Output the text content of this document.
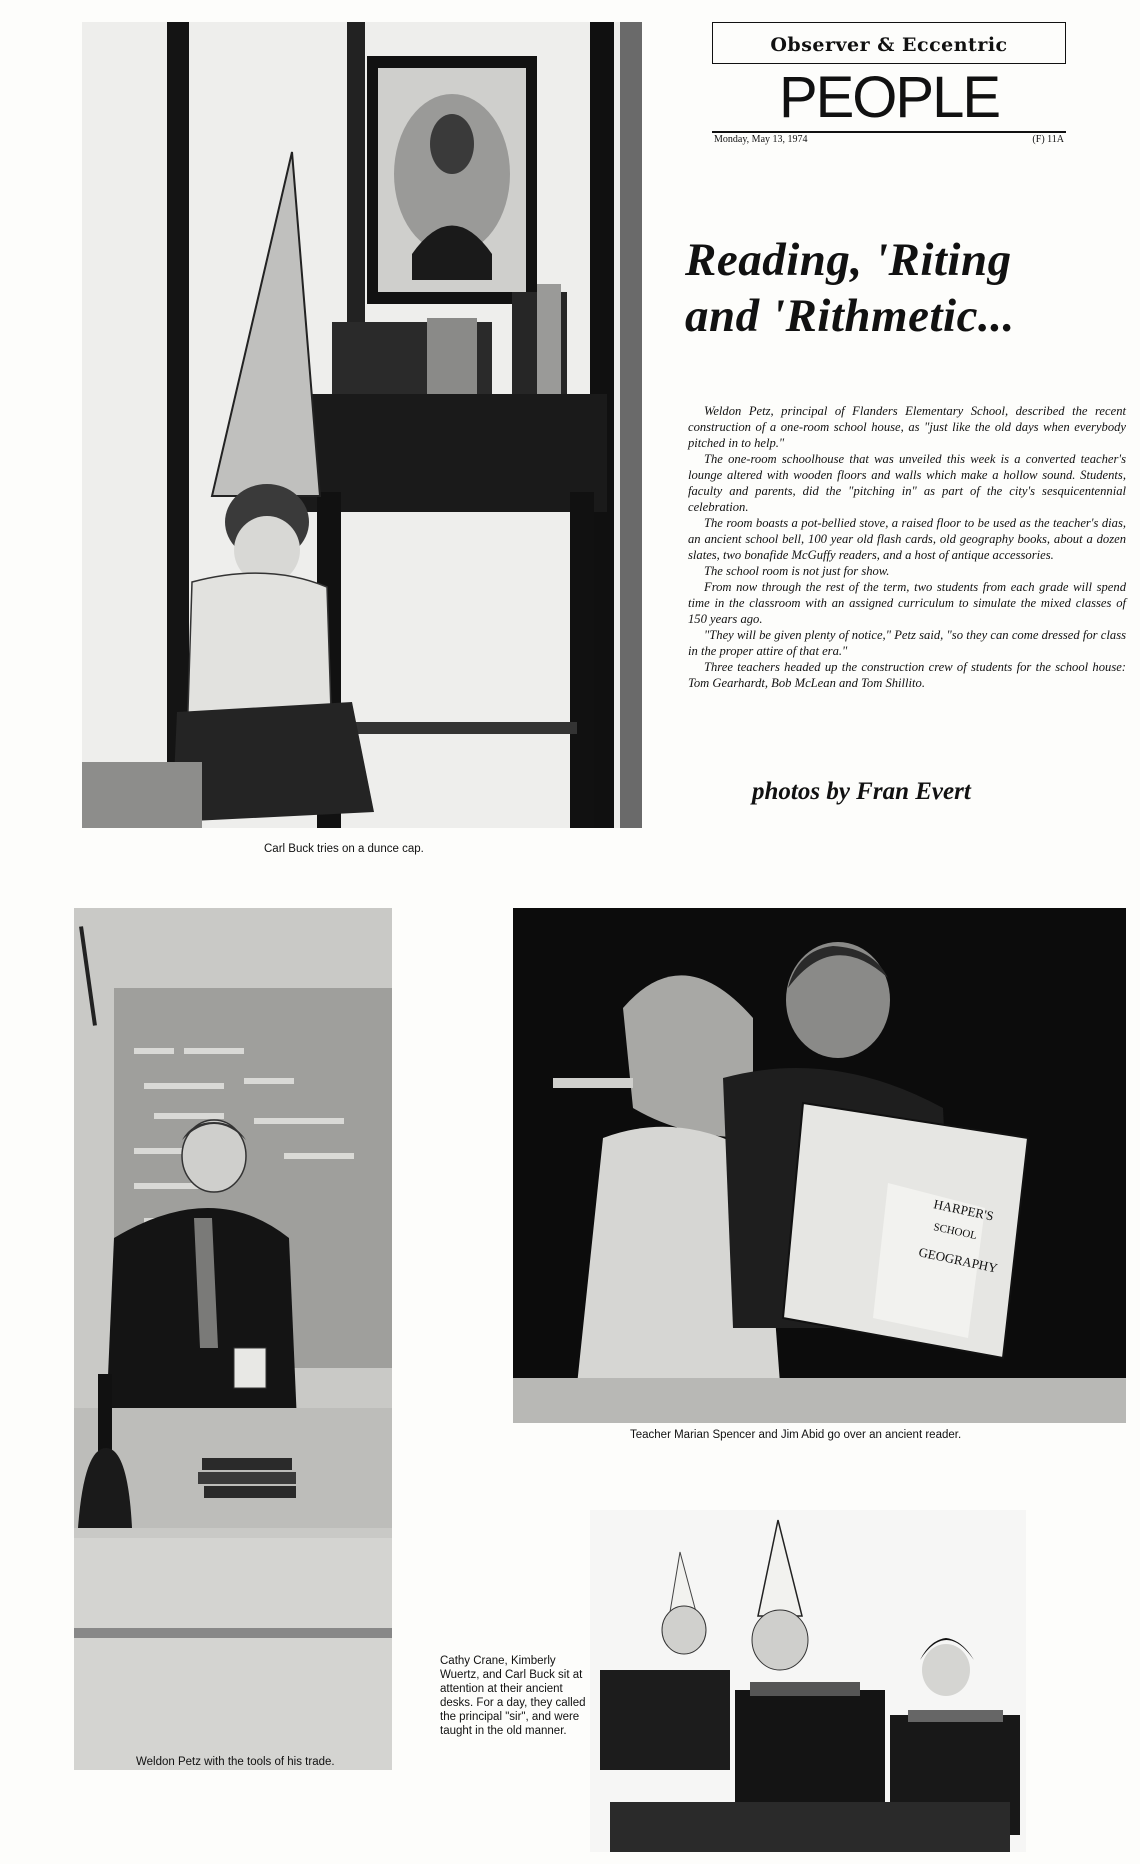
Carl Buck tries on a dunce cap.
Observer & Eccentric
PEOPLE
Monday, May 13, 1974	(F) 11A
Reading, 'Riting
and 'Rithmetic...

Weldon Petz, principal of Flanders Elementary School, described the recent construction of a one-room school house, as "just like the old days when everybody pitched in to help."

The one-room schoolhouse that was unveiled this week is a converted teacher's lounge altered with wooden floors and walls which make a hollow sound. Students, faculty and parents, did the "pitching in" as part of the city's sesquicentennial celebration.

The room boasts a pot-bellied stove, a raised floor to be used as the teacher's dias, an ancient school bell, 100 year old flash cards, old geography books, about a dozen slates, two bonafide McGuffy readers, and a host of antique accessories.

The school room is not just for show.

From now through the rest of the term, two students from each grade will spend time in the classroom with an assigned curriculum to simulate the mixed classes of 150 years ago.

"They will be given plenty of notice," Petz said, "so they can come dressed for class in the proper attire of that era."

Three teachers headed up the construction crew of students for the school house: Tom Gearhardt, Bob McLean and Tom Shillito.

photos by Fran Evert
Weldon Petz with the tools of his trade.
HARPER'S
SCHOOL
GEOGRAPHY
Teacher Marian Spencer and Jim Abid go over an ancient reader.
Cathy Crane, Kimberly Wuertz, and Carl Buck sit at attention at their ancient desks. For a day, they called the principal "sir", and were taught in the old manner.
